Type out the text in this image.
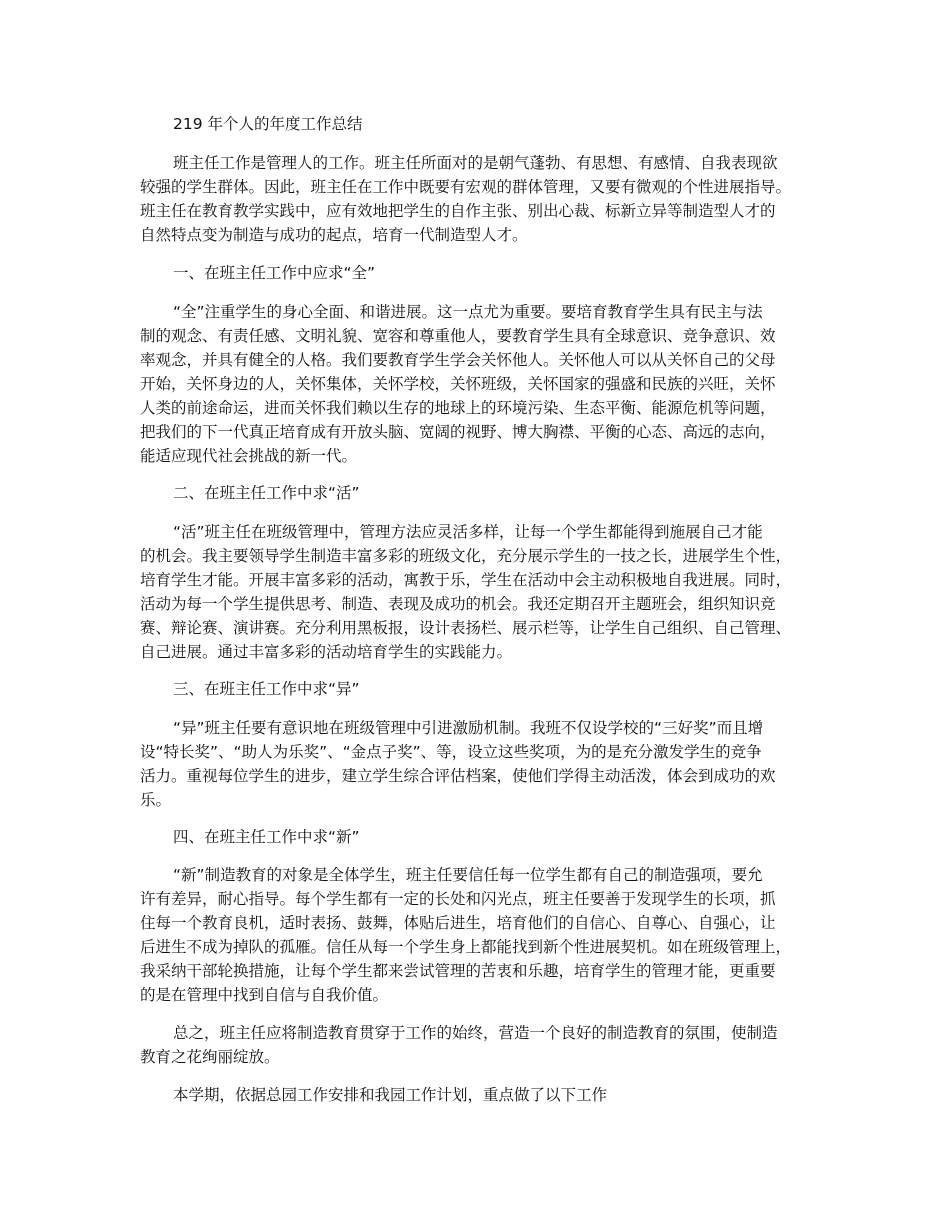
219 年个人的年度工作总结
班主任工作是管理人的工作。班主任所面对的是朝气蓬勃、有思想、有感情、自我表现欲
较强的学生群体。因此，班主任在工作中既要有宏观的群体管理，又要有微观的个性进展指导。
班主任在教育教学实践中，应有效地把学生的自作主张、别出心裁、标新立异等制造型人才的
自然特点变为制造与成功的起点，培育一代制造型人才。
一、在班主任工作中应求“全”
“全”注重学生的身心全面、和谐进展。这一点尤为重要。要培育教育学生具有民主与法
制的观念、有责任感、文明礼貌、宽容和尊重他人，要教育学生具有全球意识、竞争意识、效
率观念，并具有健全的人格。我们要教育学生学会关怀他人。关怀他人可以从关怀自己的父母
开始，关怀身边的人，关怀集体，关怀学校，关怀班级，关怀国家的强盛和民族的兴旺，关怀
人类的前途命运，进而关怀我们赖以生存的地球上的环境污染、生态平衡、能源危机等问题，
把我们的下一代真正培育成有开放头脑、宽阔的视野、博大胸襟、平衡的心态、高远的志向，
能适应现代社会挑战的新一代。
二、在班主任工作中求“活”
“活”班主任在班级管理中，管理方法应灵活多样，让每一个学生都能得到施展自己才能
的机会。我主要领导学生制造丰富多彩的班级文化，充分展示学生的一技之长，进展学生个性，
培育学生才能。开展丰富多彩的活动，寓教于乐，学生在活动中会主动积极地自我进展。同时，
活动为每一个学生提供思考、制造、表现及成功的机会。我还定期召开主题班会，组织知识竞
赛、辩论赛、演讲赛。充分利用黑板报，设计表扬栏、展示栏等，让学生自己组织、自己管理、
自己进展。通过丰富多彩的活动培育学生的实践能力。
三、在班主任工作中求“异”
“异”班主任要有意识地在班级管理中引进激励机制。我班不仅设学校的“三好奖”而且增
设“特长奖”、“助人为乐奖”、“金点子奖”、等，设立这些奖项，为的是充分激发学生的竞争
活力。重视每位学生的进步，建立学生综合评估档案，使他们学得主动活泼，体会到成功的欢
乐。
四、在班主任工作中求“新”
“新”制造教育的对象是全体学生，班主任要信任每一位学生都有自己的制造强项，要允
许有差异，耐心指导。每个学生都有一定的长处和闪光点，班主任要善于发现学生的长项，抓
住每一个教育良机，适时表扬、鼓舞，体贴后进生，培育他们的自信心、自尊心、自强心，让
后进生不成为掉队的孤雁。信任从每一个学生身上都能找到新个性进展契机。如在班级管理上，
我采纳干部轮换措施，让每个学生都来尝试管理的苦衷和乐趣，培育学生的管理才能，更重要
的是在管理中找到自信与自我价值。
总之，班主任应将制造教育贯穿于工作的始终，营造一个良好的制造教育的氛围，使制造
教育之花绚丽绽放。
本学期，依据总园工作安排和我园工作计划，重点做了以下工作
